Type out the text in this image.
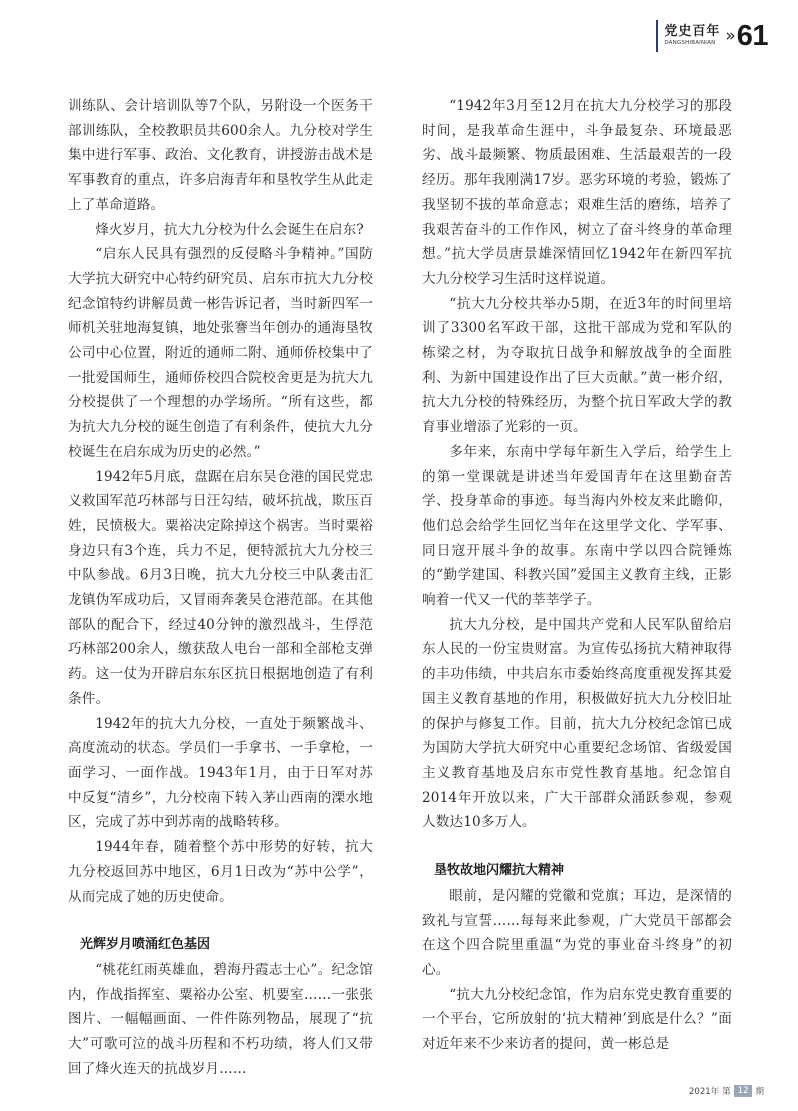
党史百年
DANGSHIBAINIAN » 61

训练队、会计培训队等7个队，另附设一个医务干部训练队，全校教职员共600余人。九分校对学生集中进行军事、政治、文化教育，讲授游击战术是军事教育的重点，许多启海青年和垦牧学生从此走上了革命道路。

烽火岁月，抗大九分校为什么会诞生在启东?

“启东人民具有强烈的反侵略斗争精神。”国防大学抗大研究中心特约研究员、启东市抗大九分校纪念馆特约讲解员黄一彬告诉记者，当时新四军一师机关驻地海复镇，地处张謇当年创办的通海垦牧公司中心位置，附近的通师二附、通师侨校集中了一批爱国师生，通师侨校四合院校舍更是为抗大九分校提供了一个理想的办学场所。“所有这些，都为抗大九分校的诞生创造了有利条件，使抗大九分校诞生在启东成为历史的必然。”

1942年5月底，盘踞在启东吴仓港的国民党忠义救国军范巧林部与日汪勾结，破坏抗战，欺压百姓，民愤极大。粟裕决定除掉这个祸害。当时粟裕身边只有3个连，兵力不足，便特派抗大九分校三中队参战。6月3日晚，抗大九分校三中队袭击汇龙镇伪军成功后，又冒雨奔袭吴仓港范部。在其他部队的配合下，经过40分钟的激烈战斗，生俘范巧林部200余人，缴获敌人电台一部和全部枪支弹药。这一仗为开辟启东东区抗日根据地创造了有利条件。

1942年的抗大九分校，一直处于频繁战斗、高度流动的状态。学员们一手拿书、一手拿枪，一面学习、一面作战。1943年1月，由于日军对苏中反复“清乡”，九分校南下转入茅山西南的溧水地区，完成了苏中到苏南的战略转移。

1944年春，随着整个苏中形势的好转，抗大九分校返回苏中地区，6月1日改为“苏中公学”，从而完成了她的历史使命。

光辉岁月喷涌红色基因

“桃花红雨英雄血，碧海丹霞志士心”。纪念馆内，作战指挥室、粟裕办公室、机要室……一张张图片、一幅幅画面、一件件陈列物品，展现了“抗大”可歌可泣的战斗历程和不朽功绩，将人们又带回了烽火连天的抗战岁月……

“1942年3月至12月在抗大九分校学习的那段时间，是我革命生涯中，斗争最复杂、环境最恶劣、战斗最频繁、物质最困难、生活最艰苦的一段经历。那年我刚满17岁。恶劣环境的考验，锻炼了我坚韧不拔的革命意志；艰难生活的磨练，培养了我艰苦奋斗的工作作风，树立了奋斗终身的革命理想。”抗大学员唐景雄深情回忆1942年在新四军抗大九分校学习生活时这样说道。

“抗大九分校共举办5期，在近3年的时间里培训了3300名军政干部，这批干部成为党和军队的栋梁之材，为夺取抗日战争和解放战争的全面胜利、为新中国建设作出了巨大贡献。”黄一彬介绍，抗大九分校的特殊经历，为整个抗日军政大学的教育事业增添了光彩的一页。

多年来，东南中学每年新生入学后，给学生上的第一堂课就是讲述当年爱国青年在这里勤奋苦学、投身革命的事迹。每当海内外校友来此瞻仰，他们总会给学生回忆当年在这里学文化、学军事、同日寇开展斗争的故事。东南中学以四合院锤炼的“勤学建国、科教兴国”爱国主义教育主线，正影响着一代又一代的莘莘学子。

抗大九分校，是中国共产党和人民军队留给启东人民的一份宝贵财富。为宣传弘扬抗大精神取得的丰功伟绩，中共启东市委始终高度重视发挥其爱国主义教育基地的作用，积极做好抗大九分校旧址的保护与修复工作。目前，抗大九分校纪念馆已成为国防大学抗大研究中心重要纪念场馆、省级爱国主义教育基地及启东市党性教育基地。纪念馆自2014年开放以来，广大干部群众涌跃参观，参观人数达10多万人。

垦牧故地闪耀抗大精神

眼前，是闪耀的党徽和党旗；耳边，是深情的致礼与宣誓……每每来此参观，广大党员干部都会在这个四合院里重温“为党的事业奋斗终身”的初心。

“抗大九分校纪念馆，作为启东党史教育重要的一个平台，它所放射的‘抗大精神’到底是什么？”面对近年来不少来访者的提问，黄一彬总是

2021年 第 12 期
